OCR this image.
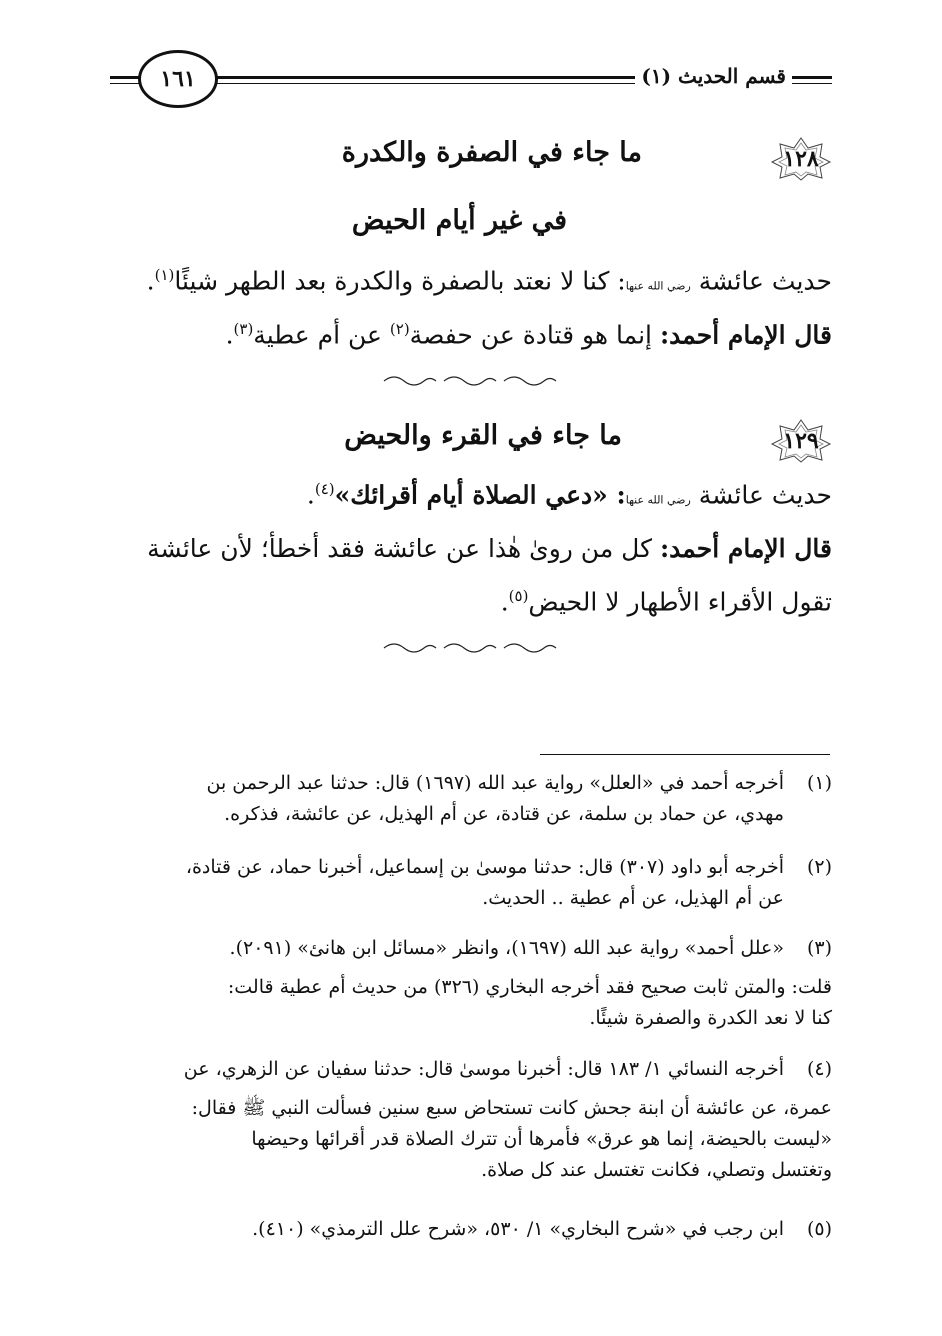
قسم الحديث (١)
١٦١
١٢٨
ما جاء في الصفرة والكدرة
في غير أيام الحيض
حديث عائشة رضي الله عنها: كنا لا نعتد بالصفرة والكدرة بعد الطهر شيئًا$^{(١)}$.
قال الإمام أحمد: إنما هو قتادة عن حفصة$^{(٢)}$ عن أم عطية$^{(٣)}$.
١٢٩
ما جاء في القرء والحيض
حديث عائشة رضي الله عنها: «دعي الصلاة أيام أقرائك»$^{(٤)}$.
قال الإمام أحمد: كل من روىٰ هٰذا عن عائشة فقد أخطأ؛ لأن عائشة
تقول الأقراء الأطهار لا الحيض$^{(٥)}$.
(١)
أخرجه أحمد في «العلل» رواية عبد الله (١٦٩٧) قال: حدثنا عبد الرحمن بن
مهدي، عن حماد بن سلمة، عن قتادة، عن أم الهذيل، عن عائشة، فذكره.
(٢)
أخرجه أبو داود (٣٠٧) قال: حدثنا موسىٰ بن إسماعيل، أخبرنا حماد، عن قتادة،
عن أم الهذيل، عن أم عطية .. الحديث.
(٣)
«علل أحمد» رواية عبد الله (١٦٩٧)، وانظر «مسائل ابن هانئ» (٢٠٩١).
قلت: والمتن ثابت صحيح فقد أخرجه البخاري (٣٢٦) من حديث أم عطية قالت:
كنا لا نعد الكدرة والصفرة شيئًا.
(٤)
أخرجه النسائي ١/ ١٨٣ قال: أخبرنا موسىٰ قال: حدثنا سفيان عن الزهري، عن
عمرة، عن عائشة أن ابنة جحش كانت تستحاض سبع سنين فسألت النبي ﷺ فقال:
«ليست بالحيضة، إنما هو عرق» فأمرها أن تترك الصلاة قدر أقرائها وحيضها
وتغتسل وتصلي، فكانت تغتسل عند كل صلاة.
(٥)
ابن رجب في «شرح البخاري» ١/ ٥٣٠، «شرح علل الترمذي» (٤١٠).
